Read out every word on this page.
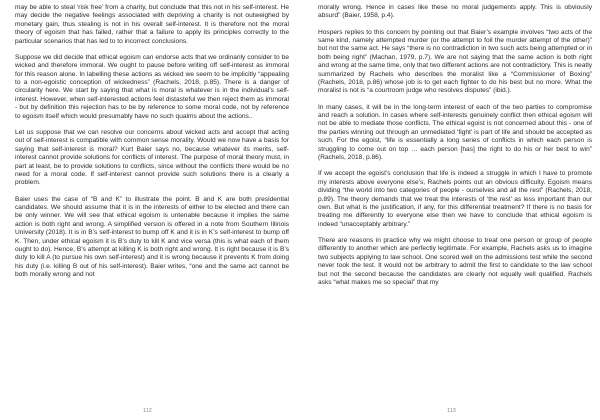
may be able to steal ‘risk free’ from a charity, but conclude that this not in his self-interest. He may decide the negative feelings associated with depriving a charity is not outweighed by monetary gain, thus stealing is not in his overall self-interest. It is therefore not the moral theory of egoism that has failed, rather that a failure to apply its principles correctly to the particular scenarios that has led to to incorrect conclusions.

Suppose we did decide that ethical egoism can endorse acts that we ordinarily consider to be wicked and therefore immoral. We ought to pause before writing off self-interest as immoral for this reason alone. In labelling these actions as wicked we seem to be implicitly “appealing to a non-egoistic conception of wickedness” (Rachels, 2018, p.85). There is a danger of circularity here. We start by saying that what is moral is whatever is in the individual’s self-interest. However, when self-interested actions feel distasteful we then reject them as immoral - but by definition this rejection has to be by reference to some moral code, not by reference to egoism itself which would presumably have no such qualms about the actions..

Let us suppose that we can resolve our concerns about wicked acts and accept that acting out of self-interest is compatible with common sense morality. Would we now have a basis for saying that self-interest is moral? Kurt Baier says no, because whatever its merits, self-interest cannot provide solutions for conflicts of interest. The purpose of moral theory must, in part at least, be to provide solutions to conflicts, since without the conflicts there would be no need for a moral code. If self-interest cannot provide such solutions there is a clearly a problem.

Baier uses the case of “B and K” to illustrate the point. B and K are both presidential candidates. We should assume that it is in the interests of either to be elected and there can be only winner. We will see that ethical egoism is untenable because it implies the same action is both right and wrong. A simplified version is offered in a note from Southern Illinois University (2018). It is in B’s self-interest to bump off K and it is in K’s self-interest to bump off K. Then, under ethical egoism it is B’s duty to kill K and vice versa (this is what each of them ought to do). Hence, B’s attempt at killing K is both right and wrong. It is right because it is B’s duty to kill A (to pursue his own self-interest) and it is wrong because it prevents K from doing his duty (i.e. killing B out of his self-interest). Baier writes, “one and the same act cannot be both morally wrong and not

112

morally wrong. Hence in cases like these no moral judgements apply. This is obviously absurd” (Baier, 1958, p.4).

Hospers replies to this concern by pointing out that Baier’s example involves “two acts of the same kind, namely attempted murder (or the attempt to foil the murder attempt of the other)” but not the same act. He says “there is no contradiction in two such acts being attempted or in both being right” (Machan, 1979, p.7). We are not saying that the same action is both right and wrong at the same time, only that two different actions are not contradictory. This is neatly summarized by Rachels who describes the moralist like a “Commissioner of Boxing” (Rachels, 2018, p.86) whose job is to get each fighter to do his best but no more. What the moralist is not is “a courtroom judge who resolves disputes” (ibid.).

In many cases, it will be in the long-term interest of each of the two parties to compromise and reach a solution. In cases where self-interests genuinely conflict then ethical egoism will not be able to mediate those conflicts. The ethical egoist is not concerned about this - one of the parties winning out through an unmediated ‘fight’ is part of life and should be accepted as such. For the egoist, “life is essentially a long series of conflicts in which each person is struggling to come out on top … each person [has] the right to do his or her best to win” (Rachels, 2018, p.86).

If we accept the egoist’s conclusion that life is indeed a struggle in which I have to promote my interests above everyone else’s, Rachels points out an obvious difficulty. Egoism means dividing “the world into two categories of people - ourselves and all the rest” (Rachels, 2018, p.89). The theory demands that we treat the interests of ‘the rest’ as less important than our own. But what is the justification, if any, for this differential treatment? If there is no basis for treating me differently to everyone else then we have to conclude that ethical egoism is indeed “unacceptably arbitrary.”

There are reasons in practice why we might choose to treat one person or group of people differently to another which are perfectly legitimate. For example, Rachels asks us to imagine two subjects applying to law school. One scored well on the admissions test while the second never took the test. It would not be arbitrary to admit the first to candidate to the law school but not the second because the candidates are clearly not equally well qualified. Rachels asks “what makes me so special” that my

113
